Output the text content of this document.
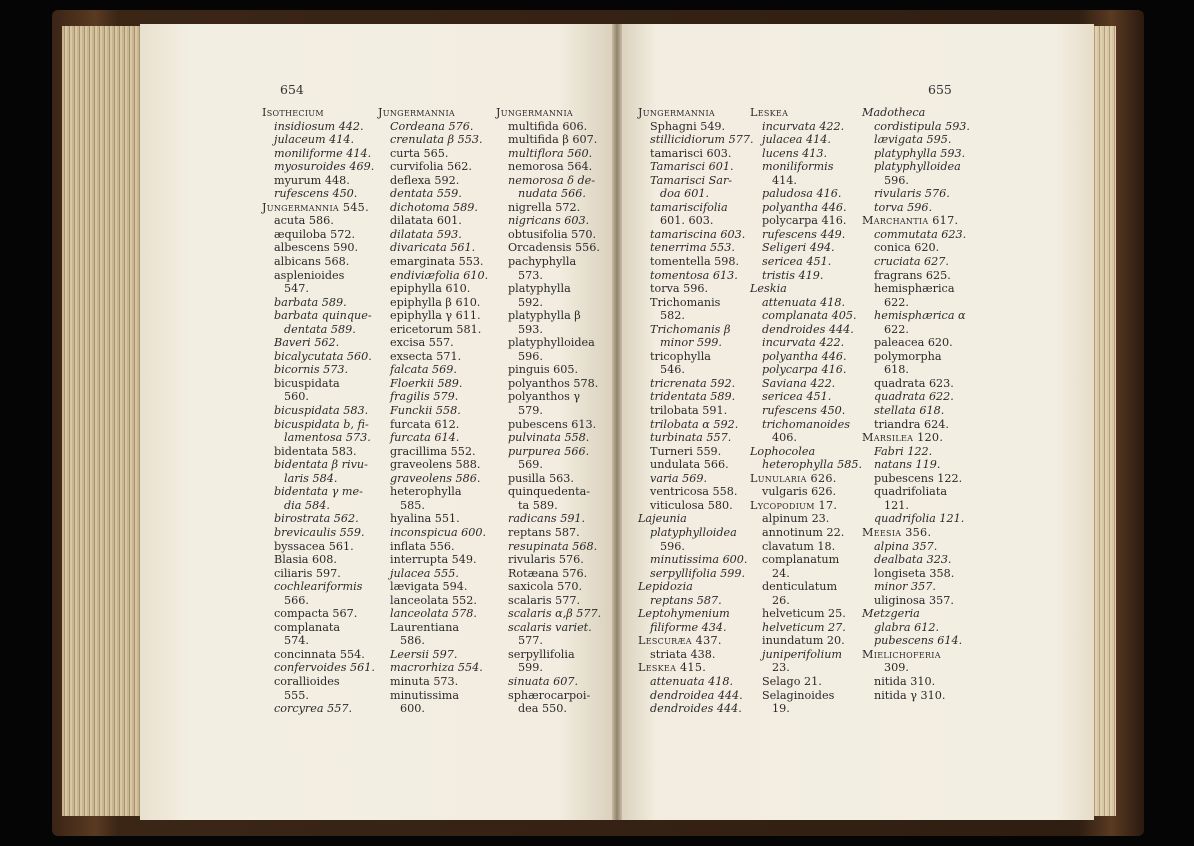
654	655
Isothecium
insidiosum 442.
julaceum 414.
moniliforme 414.
myosuroides 469.
myurum 448.
rufescens 450.
Jungermannia 545.
acuta 586.
æquiloba 572.
albescens 590.
albicans 568.
asplenioides
547.
barbata 589.
barbata quinque-
dentata 589.
Baveri 562.
bicalycutata 560.
bicornis 573.
bicuspidata
560.
bicuspidata 583.
bicuspidata b, fi-
lamentosa 573.
bidentata 583.
bidentata β rivu-
laris 584.
bidentata γ me-
dia 584.
birostrata 562.
brevicaulis 559.
byssacea 561.
Blasia 608.
ciliaris 597.
cochleariformis
566.
compacta 567.
complanata
574.
concinnata 554.
confervoides 561.
corallioides
555.
corcyrea 557.
Jungermannia
Cordeana 576.
crenulata β 553.
curta 565.
curvifolia 562.
deflexa 592.
dentata 559.
dichotoma 589.
dilatata 601.
dilatata 593.
divaricata 561.
emarginata 553.
endiviæfolia 610.
epiphylla 610.
epiphylla β 610.
epiphylla γ 611.
ericetorum 581.
excisa 557.
exsecta 571.
falcata 569.
Floerkii 589.
fragilis 579.
Funckii 558.
furcata 612.
furcata 614.
gracillima 552.
graveolens 588.
graveolens 586.
heterophylla
585.
hyalina 551.
inconspicua 600.
inflata 556.
interrupta 549.
julacea 555.
lævigata 594.
lanceolata 552.
lanceolata 578.
Laurentiana
586.
Leersii 597.
macrorhiza 554.
minuta 573.
minutissima
600.
Jungermannia
multifida 606.
multifida β 607.
multiflora 560.
nemorosa 564.
nemorosa δ de-
nudata 566.
nigrella 572.
nigricans 603.
obtusifolia 570.
Orcadensis 556.
pachyphylla
573.
platyphylla
592.
platyphylla β
593.
platyphylloidea
596.
pinguis 605.
polyanthos 578.
polyanthos γ
579.
pubescens 613.
pulvinata 558.
purpurea 566.
569.
pusilla 563.
quinquedenta-
ta 589.
radicans 591.
reptans 587.
resupinata 568.
rivularis 576.
Rotæana 576.
saxicola 570.
scalaris 577.
scalaris α,β 577.
scalaris variet.
577.
serpyllifolia
599.
sinuata 607.
sphærocarpoi-
dea 550.
Jungermannia
Sphagni 549.
stillicidiorum 577.
tamarisci 603.
Tamarisci 601.
Tamarisci Sar-
doa 601.
tamariscifolia
601. 603.
tamariscina 603.
tenerrima 553.
tomentella 598.
tomentosa 613.
torva 596.
Trichomanis
582.
Trichomanis β
minor 599.
tricophylla
546.
tricrenata 592.
tridentata 589.
trilobata 591.
trilobata α 592.
turbinata 557.
Turneri 559.
undulata 566.
varia 569.
ventricosa 558.
viticulosa 580.
Lajeunia
platyphylloidea
596.
minutissima 600.
serpyllifolia 599.
Lepidozia
reptans 587.
Leptohymenium
filiforme 434.
Lescuræa 437.
striata 438.
Leskea 415.
attenuata 418.
dendroidea 444.
dendroides 444.
Leskea
incurvata 422.
julacea 414.
lucens 413.
moniliformis
414.
paludosa 416.
polyantha 446.
polycarpa 416.
rufescens 449.
Seligeri 494.
sericea 451.
tristis 419.
Leskia
attenuata 418.
complanata 405.
dendroides 444.
incurvata 422.
polyantha 446.
polycarpa 416.
Saviana 422.
sericea 451.
rufescens 450.
trichomanoides
406.
Lophocolea
heterophylla 585.
Lunularia 626.
vulgaris 626.
Lycopodium 17.
alpinum 23.
annotinum 22.
clavatum 18.
complanatum
24.
denticulatum
26.
helveticum 25.
helveticum 27.
inundatum 20.
juniperifolium
23.
Selago 21.
Selaginoides
19.
Madotheca
cordistipula 593.
lævigata 595.
platyphylla 593.
platyphylloidea
596.
rivularis 576.
torva 596.
Marchantia 617.
commutata 623.
conica 620.
cruciata 627.
fragrans 625.
hemisphærica
622.
hemisphærica α
622.
paleacea 620.
polymorpha
618.
quadrata 623.
quadrata 622.
stellata 618.
triandra 624.
Marsilea 120.
Fabri 122.
natans 119.
pubescens 122.
quadrifoliata
121.
quadrifolia 121.
Meesia 356.
alpina 357.
dealbata 323.
longiseta 358.
minor 357.
uliginosa 357.
Metzgeria
glabra 612.
pubescens 614.
Mielichoferia
309.
nitida 310.
nitida γ 310.
